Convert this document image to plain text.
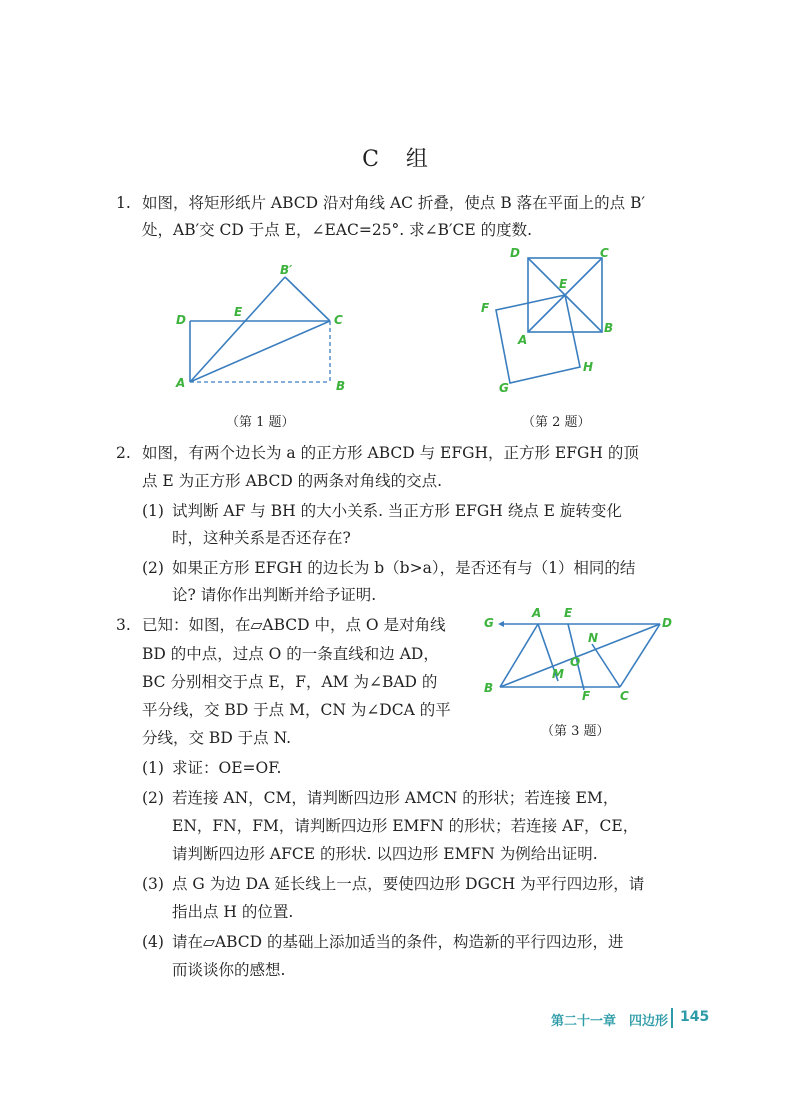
C 组
1. 如图，将矩形纸片 ABCD 沿对角线 AC 折叠，使点 B 落在平面上的点 B′
处，AB′交 CD 于点 E，∠EAC=25°. 求∠B′CE 的度数.
A	B
C
D
E
B′
（第 1 题）
D	C
E
F
B
A
H
G
（第 2 题）
2. 如图，有两个边长为 a 的正方形 ABCD 与 EFGH，正方形 EFGH 的顶
点 E 为正方形 ABCD 的两条对角线的交点.
(1) 试判断 AF 与 BH 的大小关系. 当正方形 EFGH 绕点 E 旋转变化
时，这种关系是否还存在?
(2) 如果正方形 EFGH 的边长为 b（b>a），是否还有与（1）相同的结
论? 请你作出判断并给予证明.
3. 已知：如图，在▱ABCD 中，点 O 是对角线
BD 的中点，过点 O 的一条直线和边 AD，
BC 分别相交于点 E，F，AM 为∠BAD 的
平分线，交 BD 于点 M，CN 为∠DCA 的平
分线，交 BD 于点 N.
G
A E
D
B
F C
N
O
M
（第 3 题）
(1) 求证：OE=OF.
(2) 若连接 AN，CM，请判断四边形 AMCN 的形状；若连接 EM，
EN，FN，FM，请判断四边形 EMFN 的形状；若连接 AF，CE，
请判断四边形 AFCE 的形状. 以四边形 EMFN 为例给出证明.
(3) 点 G 为边 DA 延长线上一点，要使四边形 DGCH 为平行四边形，请
指出点 H 的位置.
(4) 请在▱ABCD 的基础上添加适当的条件，构造新的平行四边形，进
而谈谈你的感想.
第二十一章　四边形 145
